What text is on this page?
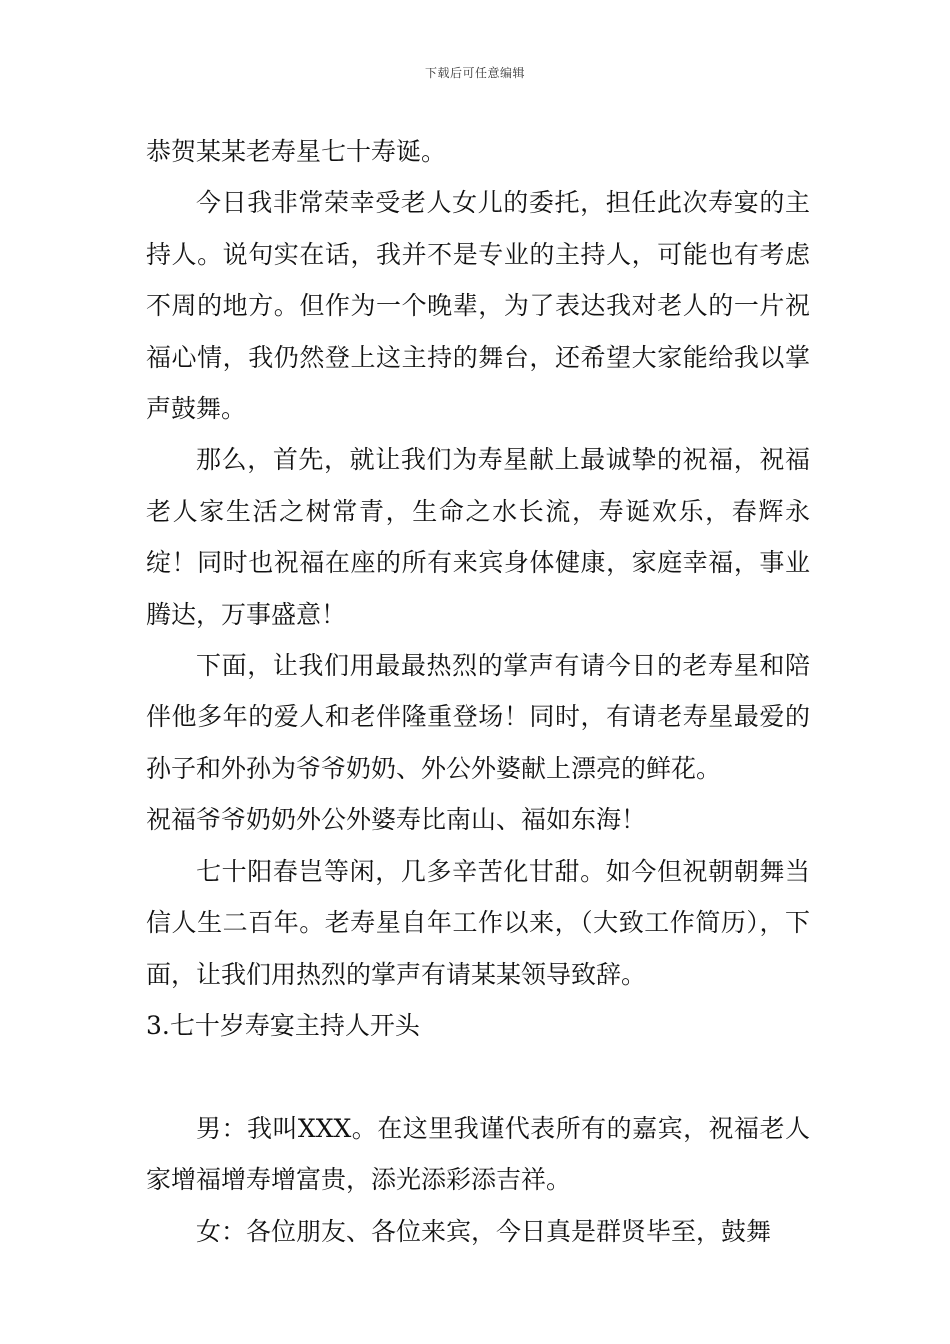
下载后可任意编辑

恭贺某某老寿星七十寿诞。

今日我非常荣幸受老人女儿的委托，担任此次寿宴的主持人。说句实在话，我并不是专业的主持人，可能也有考虑不周的地方。但作为一个晚辈，为了表达我对老人的一片祝福心情，我仍然登上这主持的舞台，还希望大家能给我以掌声鼓舞。

那么，首先，就让我们为寿星献上最诚挚的祝福，祝福老人家生活之树常青，生命之水长流，寿诞欢乐，春辉永绽！同时也祝福在座的所有来宾身体健康，家庭幸福，事业腾达，万事盛意！

下面，让我们用最最热烈的掌声有请今日的老寿星和陪伴他多年的爱人和老伴隆重登场！同时，有请老寿星最爱的孙子和外孙为爷爷奶奶、外公外婆献上漂亮的鲜花。

祝福爷爷奶奶外公外婆寿比南山、福如东海！

七十阳春岂等闲，几多辛苦化甘甜。如今但祝朝朝舞当信人生二百年。老寿星自年工作以来，（大致工作简历），下面，让我们用热烈的掌声有请某某领导致辞。

3.七十岁寿宴主持人开头

男：我叫XXX。在这里我谨代表所有的嘉宾，祝福老人家增福增寿增富贵，添光添彩添吉祥。

女：各位朋友、各位来宾，今日真是群贤毕至，鼓舞
